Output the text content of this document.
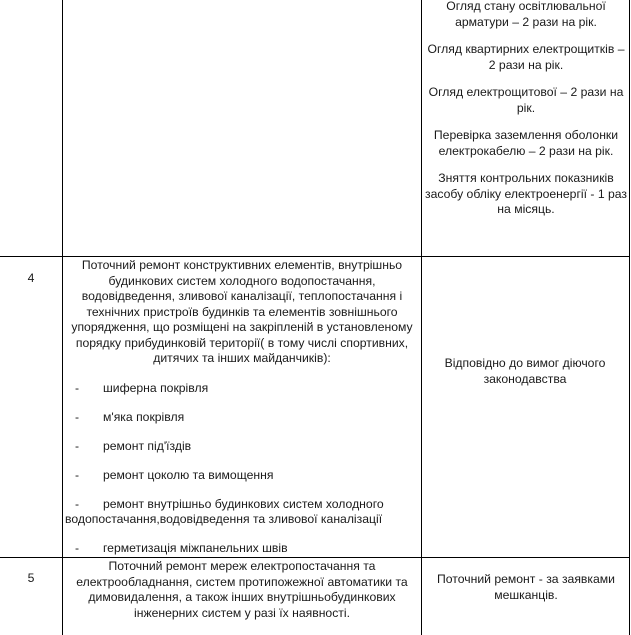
Огляд стану освітлювальної арматури – 2 рази на рік.

Огляд квартирних електрощитків – 2 рази на рік.

Огляд електрощитової – 2 рази на рік.

Перевірка заземлення оболонки електрокабелю – 2 рази на рік.

Зняття контрольних показників засобу обліку електроенергії - 1 раз на місяць.

4

Поточний ремонт конструктивних елементів, внутрішньо будинкових систем холодного водопостачання, водовідведення, зливової каналізації, теплопостачання і технічних пристроїв будинків та елементів зовнішнього упорядження, що розміщені на закріпленій в установленому порядку прибудинковій території( в тому числі спортивних, дитячих та інших майданчиків):

- шиферна покрівля

- м'яка покрівля

- ремонт під'їздів

- ремонт цоколю та вимощення

- ремонт внутрішньо будинкових систем холодного водопостачання,водовідведення та зливової каналізації

- герметизація міжпанельних швів

Відповідно до вимог діючого законодавства
5
Поточний ремонт мереж електропостачання та електрообладнання, систем протипожежної автоматики та димовидалення, а також інших внутрішньобудинкових інженерних систем у разі їх наявності.
Поточний ремонт - за заявками мешканців.
